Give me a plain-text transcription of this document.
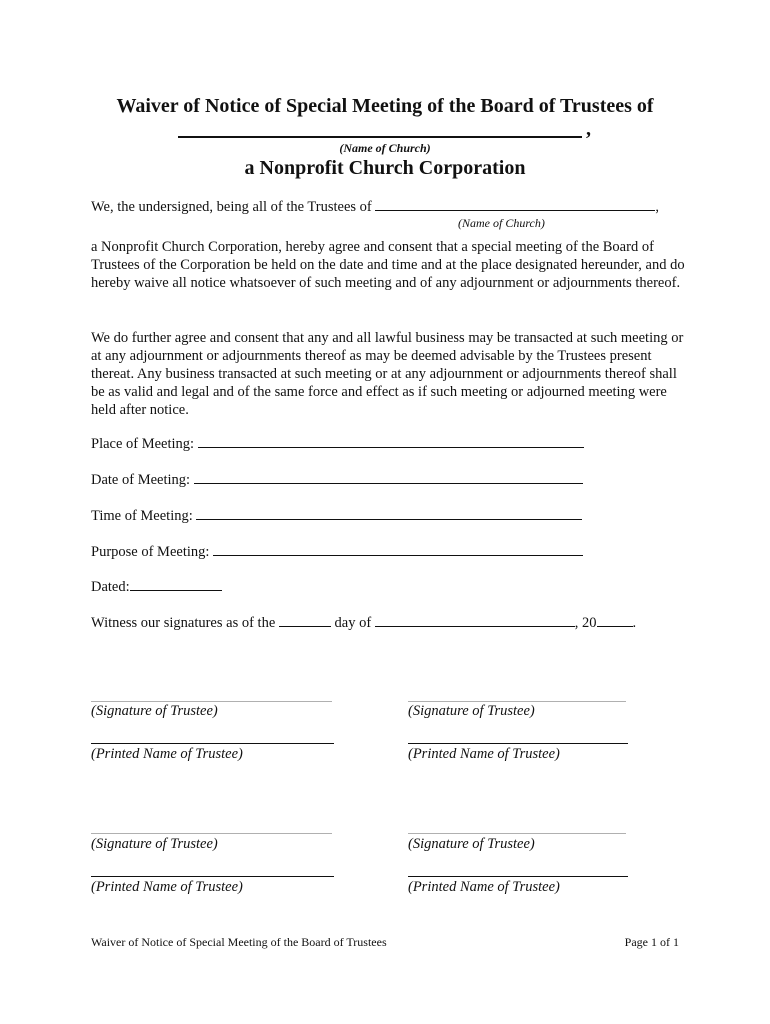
Waiver of Notice of Special Meeting of the Board of Trustees of
,
(Name of Church)
a Nonprofit Church Corporation
We, the undersigned, being all of the Trustees of	,
(Name of Church)
a Nonprofit Church Corporation, hereby agree and consent that a special meeting of the Board of Trustees of the Corporation be held on the date and time and at the place designated hereunder, and do hereby waive all notice whatsoever of such meeting and of any adjournment or adjournments thereof.
We do further agree and consent that any and all lawful business may be transacted at such meeting or at any adjournment or adjournments thereof as may be deemed advisable by the Trustees present thereat. Any business transacted at such meeting or at any adjournment or adjournments thereof shall be as valid and legal and of the same force and effect as if such meeting or adjourned meeting were held after notice.
Place of Meeting:
Date of Meeting:
Time of Meeting:
Purpose of Meeting:
Dated:
Witness our signatures as of the	day of	, 20 .
(Signature of Trustee)	(Signature of Trustee)
(Printed Name of Trustee)	(Printed Name of Trustee)
(Signature of Trustee)	(Signature of Trustee)
(Printed Name of Trustee)	(Printed Name of Trustee)
Waiver of Notice of Special Meeting of the Board of Trustees	Page 1 of 1
